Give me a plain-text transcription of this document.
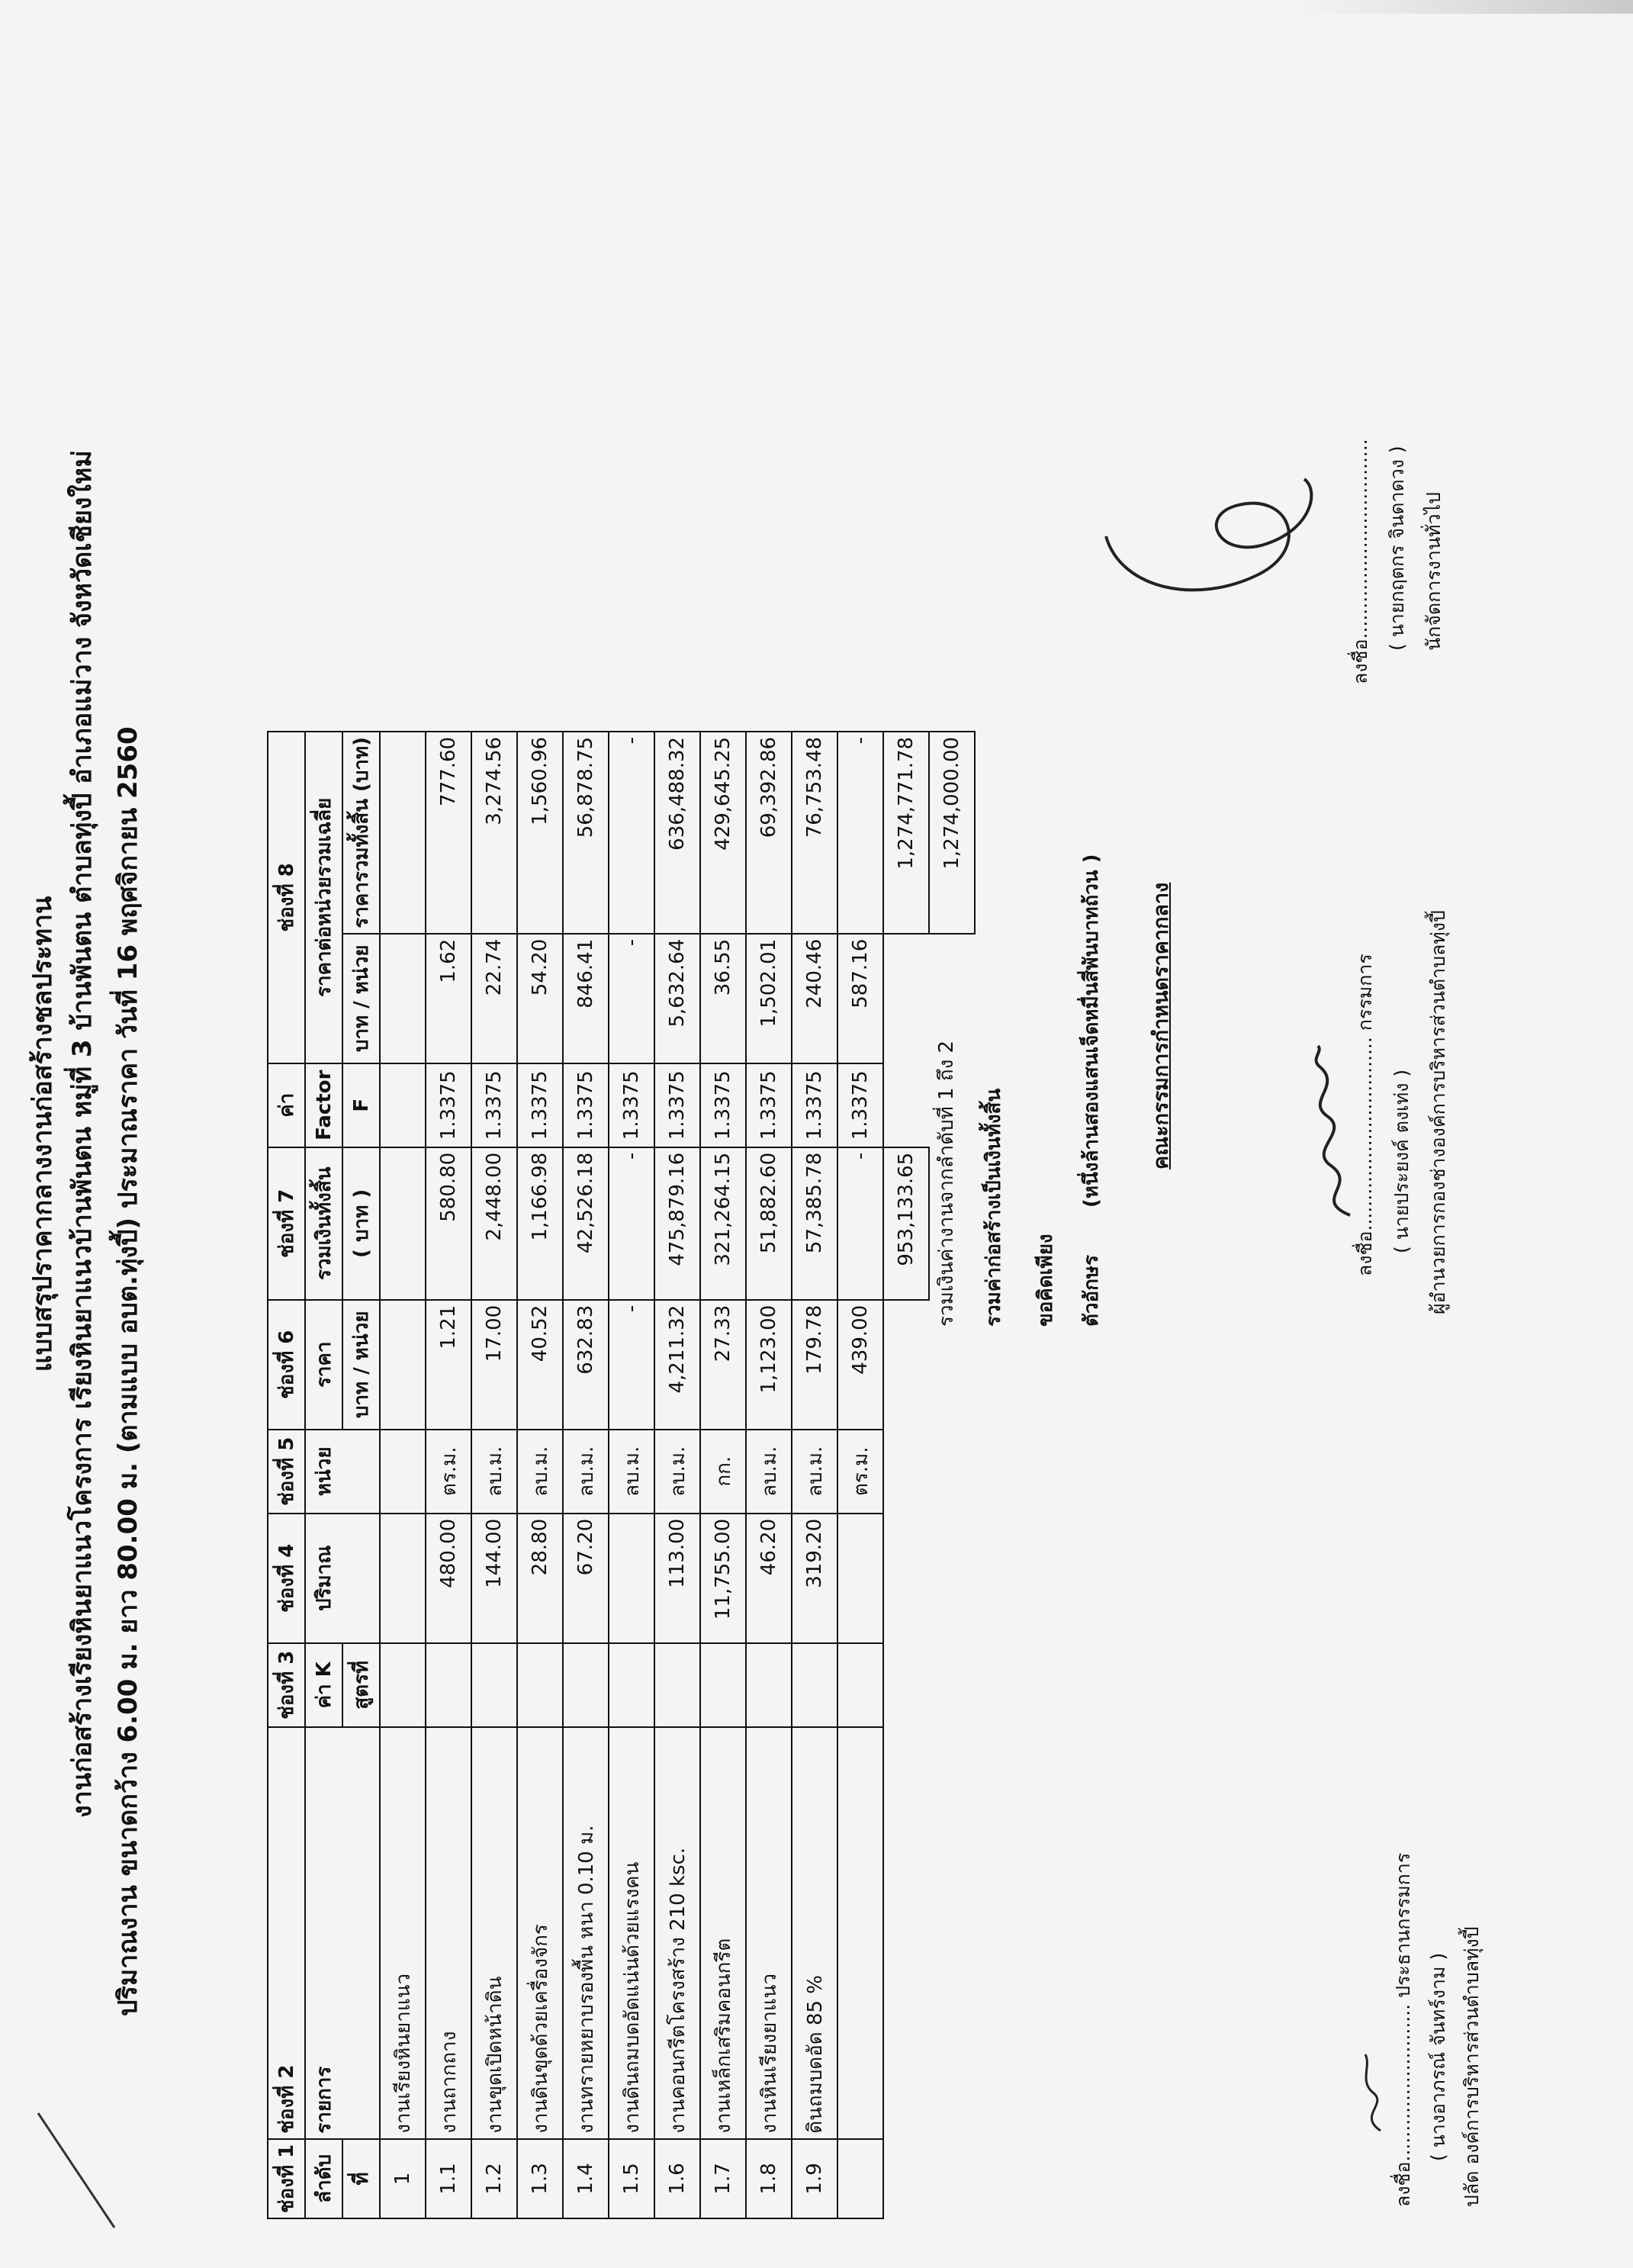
แบบสรุปราคากลางงานก่อสร้างชลประทาน งานก่อสร้างเรียงหินยาแนวโครงการ เรียงหินยาแนวบ้านพันตน หมู่ที่ 3 บ้านพันตน ตำบลทุ่งปี้ อำเภอแม่วาง จังหวัดเชียงใหม่ ปริมาณงาน ขนาดกว้าง 6.00 ม. ยาว 80.00 ม. (ตามแบบ อบต.ทุ่งปี้) ประมาณราคา วันที่ 16 พฤศจิกายน 2560
ช่องที่ 1	ช่องที่ 2	ช่องที่ 3	ช่องที่ 4	ช่องที่ 5	ช่องที่ 6	ช่องที่ 7	ค่า	ช่องที่ 8	
ลำดับ	รายการ	ค่า K	ปริมาณ	หน่วย	ราคา	รวมเงินทั้งสิ้น	Factor	ราคาต่อหน่วยรวมเฉลี่ย	
ที่		สูตรที่			บาท / หน่วย	( บาท )	F	บาท / หน่วย	ราคารวมทั้งสิ้น (บาท)
1	งานเรียงหินยาแนว								
1.1	งานถากถาง		480.00	ตร.ม.	1.21	580.80	1.3375	1.62	777.60
1.2	งานขุดเปิดหน้าดิน		144.00	ลบ.ม.	17.00	2,448.00	1.3375	22.74	3,274.56
1.3	งานดินขุดด้วยเครื่องจักร		28.80	ลบ.ม.	40.52	1,166.98	1.3375	54.20	1,560.96
1.4	งานทรายหยาบรองพื้น หนา 0.10 ม.		67.20	ลบ.ม.	632.83	42,526.18	1.3375	846.41	56,878.75
1.5	งานดินถมบดอัดแน่นด้วยแรงคน			ลบ.ม.	-	-	1.3375	-	-
1.6	งานคอนกรีตโครงสร้าง 210 ksc.		113.00	ลบ.ม.	4,211.32	475,879.16	1.3375	5,632.64	636,488.32
1.7	งานเหล็กเสริมคอนกรีต		11,755.00	กก.	27.33	321,264.15	1.3375	36.55	429,645.25
1.8	งานหินเรียงยาแนว		46.20	ลบ.ม.	1,123.00	51,882.60	1.3375	1,502.01	69,392.86
1.9	ดินถมบดอัด 85 %		319.20	ลบ.ม.	179.78	57,385.78	1.3375	240.46	76,753.48
				ตร.ม.	439.00	-	1.3375	587.16	-
						953,133.65			1,274,771.78
									1,274,000.00
รวมเงินค่างานจากลำดับที่ 1 ถึง 2 รวมค่าก่อสร้างเป็นเงินทั้งสิ้น ขอคิดเพียง ตัวอักษร
(หนึ่งล้านสองแสนเจ็ดหมื่นสี่พันบาทถ้วน ) คณะกรรมการกำหนดราคากลาง
ลงชื่อ.......................... ประธานกรรมการ
( นางอาภรณ์ จันทร์งาม ) ปลัด องค์การบริหารส่วนตำบลทุ่งปี้
ลงชื่อ................................ กรรมการ
( นายประยงค์ ตงเท่ง ) ผู้อำนวยการกองช่างองค์การบริหารส่วนตำบลทุ่งปี้
ลงชื่อ................................. ( นายกฤตกร จินดาดวง ) นักจัดการงานทั่วไป
